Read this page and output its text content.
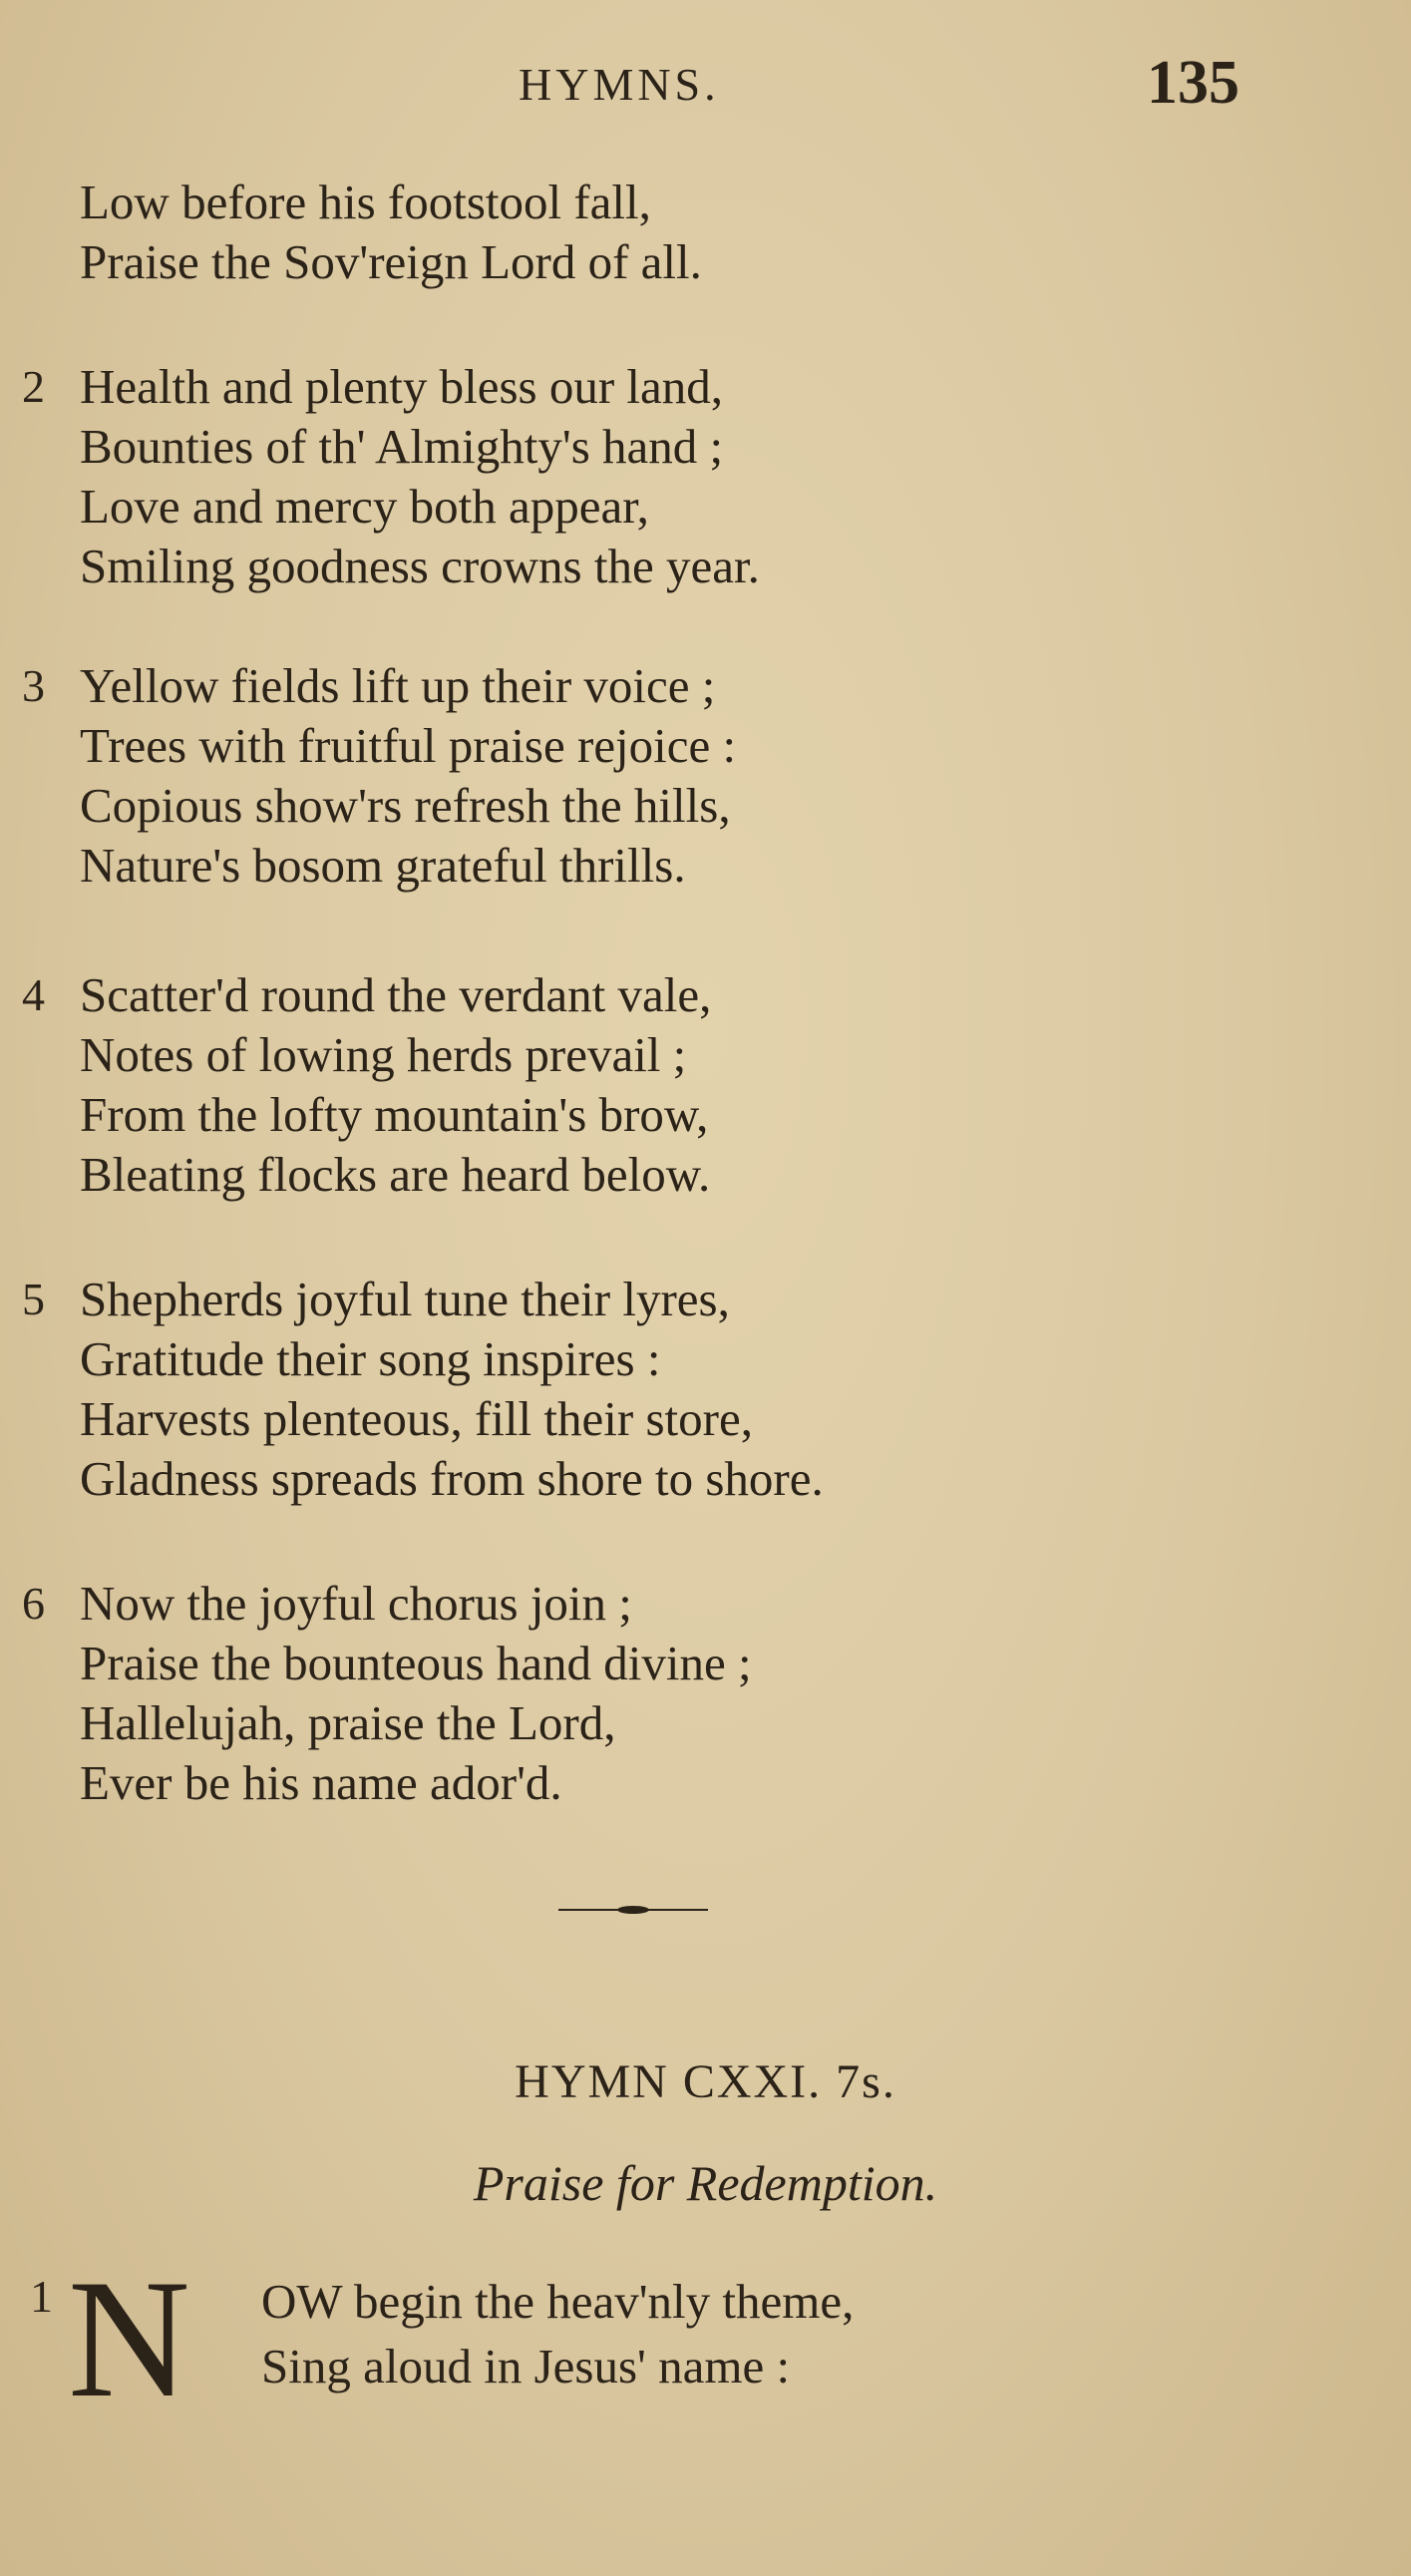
HYMNS.	135
Low before his footstool fall,
Praise the Sov'reign Lord of all.
2 Health and plenty bless our land,
Bounties of th' Almighty's hand ;
Love and mercy both appear,
Smiling goodness crowns the year.
3 Yellow fields lift up their voice ;
Trees with fruitful praise rejoice :
Copious show'rs refresh the hills,
Nature's bosom grateful thrills.
4 Scatter'd round the verdant vale,
Notes of lowing herds prevail ;
From the lofty mountain's brow,
Bleating flocks are heard below.
5 Shepherds joyful tune their lyres,
Gratitude their song inspires :
Harvests plenteous, fill their store,
Gladness spreads from shore to shore.
6 Now the joyful chorus join ;
Praise the bounteous hand divine ;
Hallelujah, praise the Lord,
Ever be his name ador'd.
HYMN CXXI. 7s.
Praise for Redemption.
1 N OW begin the heav'nly theme,
Sing aloud in Jesus' name :
